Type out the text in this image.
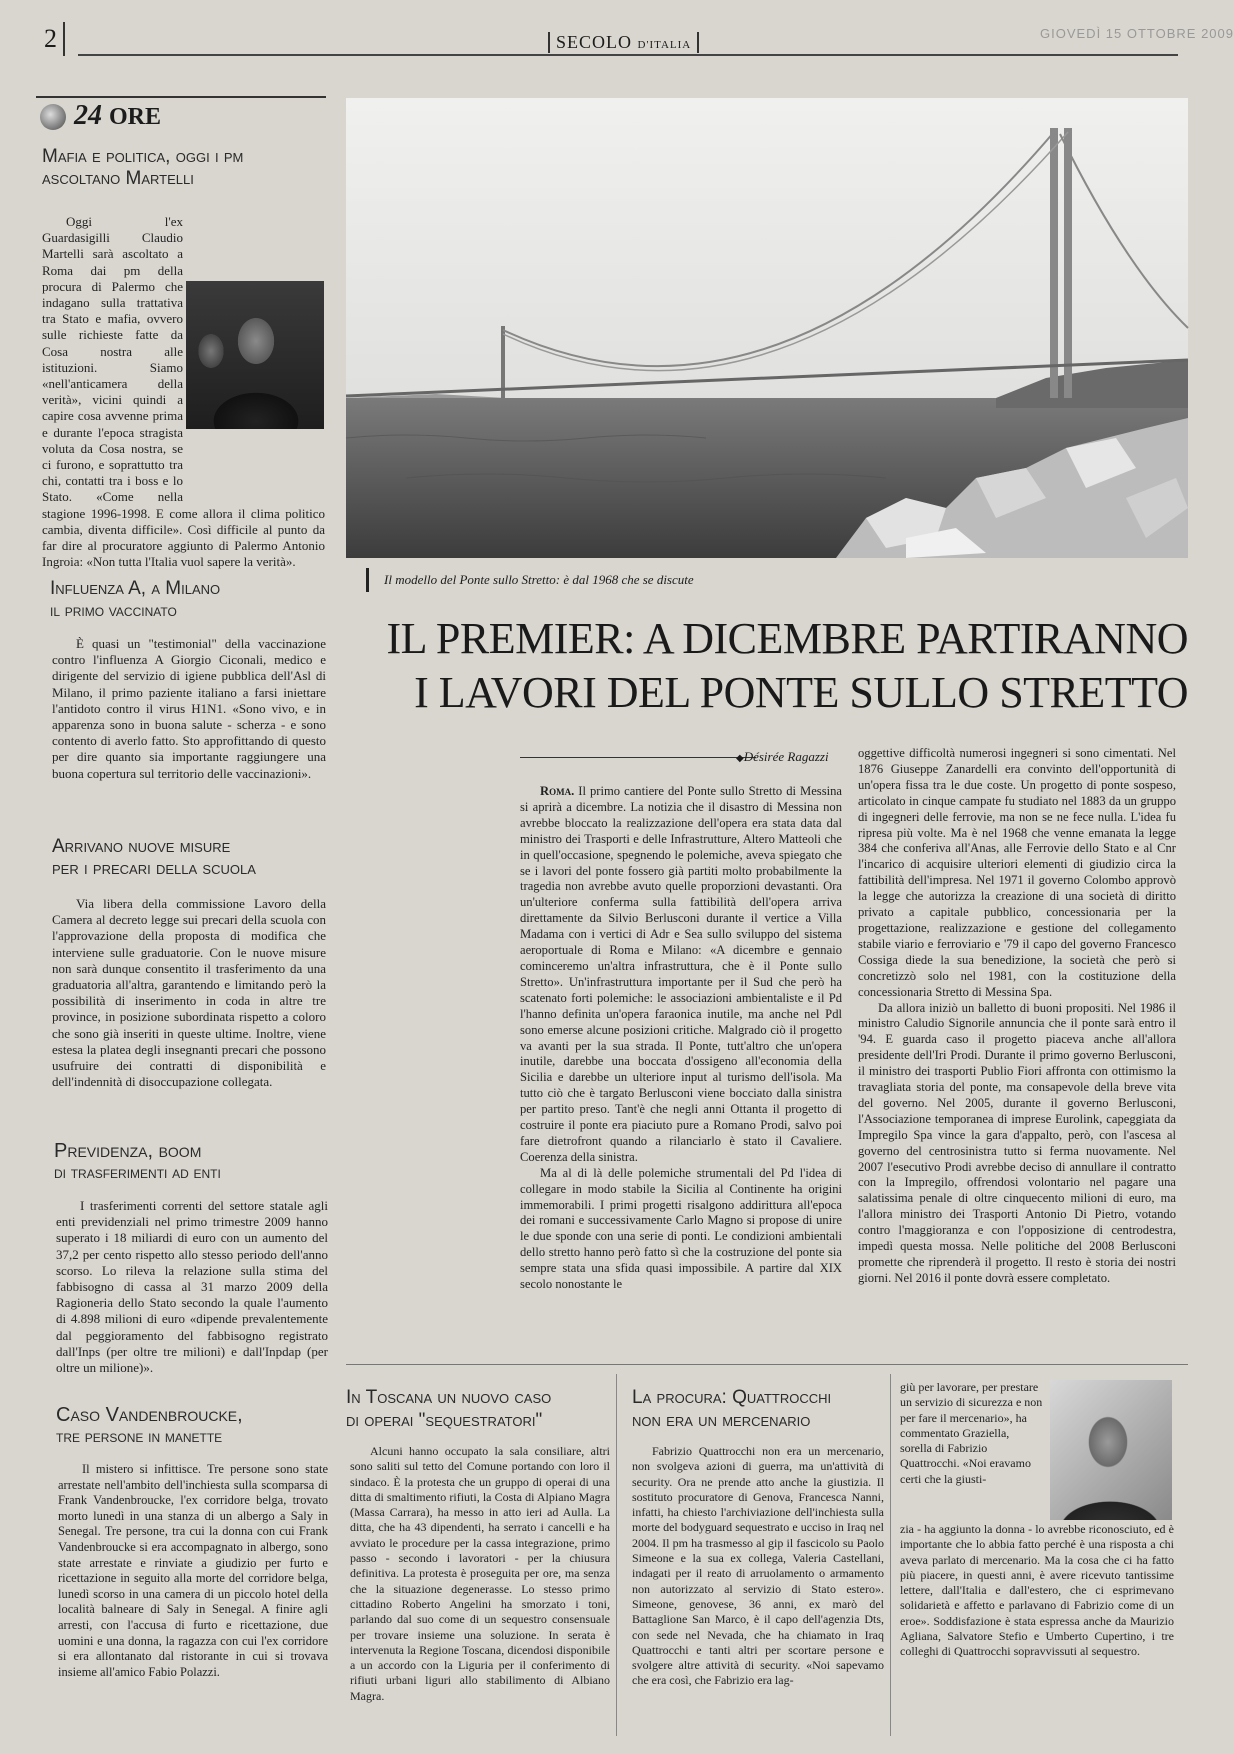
2	SECOLO D'ITALIA
GIOVEDÌ 15 OTTOBRE 2009
24 ORE
Mafia e politica, oggi i pm
ascoltano Martelli

Oggi l'ex Guardasigilli Claudio Martelli sarà ascoltato a Roma dai pm della procura di Palermo che indagano sulla trattativa tra Stato e mafia, ovvero sulle richieste fatte da Cosa nostra alle istituzioni. Siamo «nell'anticamera della verità», vicini quindi a capire cosa avvenne prima e durante l'epoca stragista voluta da Cosa nostra, se ci furono, e soprattutto tra chi, contatti tra i boss e lo Stato. «Come nella stagione 1996-1998. E come allora il clima politico cambia, diventa difficile». Così difficile al punto da far dire al procuratore aggiunto di Palermo Antonio Ingroia: «Non tutta l'Italia vuol sapere la verità».

Influenza A, a Milano
il primo vaccinato

È quasi un "testimonial" della vaccinazione contro l'influenza A Giorgio Ciconali, medico e dirigente del servizio di igiene pubblica dell'Asl di Milano, il primo paziente italiano a farsi iniettare l'antidoto contro il virus H1N1. «Sono vivo, e in apparenza sono in buona salute - scherza - e sono contento di averlo fatto. Sto approfittando di questo per dire quanto sia importante raggiungere una buona copertura sul territorio delle vaccinazioni».

Arrivano nuove misure
per i precari della scuola

Via libera della commissione Lavoro della Camera al decreto legge sui precari della scuola con l'approvazione della proposta di modifica che interviene sulle graduatorie. Con le nuove misure non sarà dunque consentito il trasferimento da una graduatoria all'altra, garantendo e limitando però la possibilità di inserimento in coda in altre tre province, in posizione subordinata rispetto a coloro che sono già inseriti in queste ultime. Inoltre, viene estesa la platea degli insegnanti precari che possono usufruire dei contratti di disponibilità e dell'indennità di disoccupazione collegata.

Previdenza, boom
di trasferimenti ad enti

I trasferimenti correnti del settore statale agli enti previdenziali nel primo trimestre 2009 hanno superato i 18 miliardi di euro con un aumento del 37,2 per cento rispetto allo stesso periodo dell'anno scorso. Lo rileva la relazione sulla stima del fabbisogno di cassa al 31 marzo 2009 della Ragioneria dello Stato secondo la quale l'aumento di 4.898 milioni di euro «dipende prevalentemente dal peggioramento del fabbisogno registrato dall'Inps (per oltre tre milioni) e dall'Inpdap (per oltre un milione)».

Caso Vandenbroucke,
tre persone in manette

Il mistero si infittisce. Tre persone sono state arrestate nell'ambito dell'inchiesta sulla scomparsa di Frank Vandenbroucke, l'ex corridore belga, trovato morto lunedì in una stanza di un albergo a Saly in Senegal. Tre persone, tra cui la donna con cui Frank Vandenbroucke si era accompagnato in albergo, sono state arrestate e rinviate a giudizio per furto e ricettazione in seguito alla morte del corridore belga, lunedì scorso in una camera di un piccolo hotel della località balneare di Saly in Senegal. A finire agli arresti, con l'accusa di furto e ricettazione, due uomini e una donna, la ragazza con cui l'ex corridore si era allontanato dal ristorante in cui si trovava insieme all'amico Fabio Polazzi.

Il modello del Ponte sullo Stretto: è dal 1968 che se discute
IL PREMIER: A DICEMBRE PARTIRANNO
I LAVORI DEL PONTE SULLO STRETTO
◆ Désirée Ragazzi

Roma. Il primo cantiere del Ponte sullo Stretto di Messina si aprirà a dicembre. La notizia che il disastro di Messina non avrebbe bloccato la realizzazione dell'opera era stata data dal ministro dei Trasporti e delle Infrastrutture, Altero Matteoli che in quell'occasione, spegnendo le polemiche, aveva spiegato che se i lavori del ponte fossero già partiti molto probabilmente la tragedia non avrebbe avuto quelle proporzioni devastanti. Ora un'ulteriore conferma sulla fattibilità dell'opera arriva direttamente da Silvio Berlusconi durante il vertice a Villa Madama con i vertici di Adr e Sea sullo sviluppo del sistema aeroportuale di Roma e Milano: «A dicembre e gennaio cominceremo un'altra infrastruttura, che è il Ponte sullo Stretto». Un'infrastruttura importante per il Sud che però ha scatenato forti polemiche: le associazioni ambientaliste e il Pd l'hanno definita un'opera faraonica inutile, ma anche nel Pdl sono emerse alcune posizioni critiche. Malgrado ciò il progetto va avanti per la sua strada. Il Ponte, tutt'altro che un'opera inutile, darebbe una boccata d'ossigeno all'economia della Sicilia e darebbe un ulteriore input al turismo dell'isola. Ma tutto ciò che è targato Berlusconi viene bocciato dalla sinistra per partito preso. Tant'è che negli anni Ottanta il progetto di costruire il ponte era piaciuto pure a Romano Prodi, salvo poi fare dietrofront quando a rilanciarlo è stato il Cavaliere. Coerenza della sinistra.

Ma al di là delle polemiche strumentali del Pd l'idea di collegare in modo stabile la Sicilia al Continente ha origini immemorabili. I primi progetti risalgono addirittura all'epoca dei romani e successivamente Carlo Magno si propose di unire le due sponde con una serie di ponti. Le condizioni ambientali dello stretto hanno però fatto sì che la costruzione del ponte sia sempre stata una sfida quasi impossibile. A partire dal XIX secolo nonostante le

oggettive difficoltà numerosi ingegneri si sono cimentati. Nel 1876 Giuseppe Zanardelli era convinto dell'opportunità di un'opera fissa tra le due coste. Un progetto di ponte sospeso, articolato in cinque campate fu studiato nel 1883 da un gruppo di ingegneri delle ferrovie, ma non se ne fece nulla. L'idea fu ripresa più volte. Ma è nel 1968 che venne emanata la legge 384 che conferiva all'Anas, alle Ferrovie dello Stato e al Cnr l'incarico di acquisire ulteriori elementi di giudizio circa la fattibilità dell'impresa. Nel 1971 il governo Colombo approvò la legge che autorizza la creazione di una società di diritto privato a capitale pubblico, concessionaria per la progettazione, realizzazione e gestione del collegamento stabile viario e ferroviario e '79 il capo del governo Francesco Cossiga diede la sua benedizione, la società che però si concretizzò solo nel 1981, con la costituzione della concessionaria Stretto di Messina Spa.

Da allora iniziò un balletto di buoni propositi. Nel 1986 il ministro Caludio Signorile annuncia che il ponte sarà entro il '94. E guarda caso il progetto piaceva anche all'allora presidente dell'Iri Prodi. Durante il primo governo Berlusconi, il ministro dei trasporti Publio Fiori affronta con ottimismo la travagliata storia del ponte, ma consapevole della breve vita del governo. Nel 2005, durante il governo Berlusconi, l'Associazione temporanea di imprese Eurolink, capeggiata da Impregilo Spa vince la gara d'appalto, però, con l'ascesa al governo del centrosinistra tutto si ferma nuovamente. Nel 2007 l'esecutivo Prodi avrebbe deciso di annullare il contratto con la Impregilo, offrendosi volontario nel pagare una salatissima penale di oltre cinquecento milioni di euro, ma l'allora ministro dei Trasporti Antonio Di Pietro, votando contro l'maggioranza e con l'opposizione di centrodestra, impedì questa mossa. Nelle politiche del 2008 Berlusconi promette che riprenderà il progetto. Il resto è storia dei nostri giorni. Nel 2016 il ponte dovrà essere completato.

In Toscana un nuovo caso
di operai "sequestratori"

Alcuni hanno occupato la sala consiliare, altri sono saliti sul tetto del Comune portando con loro il sindaco. È la protesta che un gruppo di operai di una ditta di smaltimento rifiuti, la Costa di Alpiano Magra (Massa Carrara), ha messo in atto ieri ad Aulla. La ditta, che ha 43 dipendenti, ha serrato i cancelli e ha avviato le procedure per la cassa integrazione, primo passo - secondo i lavoratori - per la chiusura definitiva. La protesta è proseguita per ore, ma senza che la situazione degenerasse. Lo stesso primo cittadino Roberto Angelini ha smorzato i toni, parlando dal suo come di un sequestro consensuale per trovare insieme una soluzione. In serata è intervenuta la Regione Toscana, dicendosi disponibile a un accordo con la Liguria per il conferimento di rifiuti urbani liguri allo stabilimento di Albiano Magra.

La procura: Quattrocchi
non era un mercenario

Fabrizio Quattrocchi non era un mercenario, non svolgeva azioni di guerra, ma un'attività di security. Ora ne prende atto anche la giustizia. Il sostituto procuratore di Genova, Francesca Nanni, infatti, ha chiesto l'archiviazione dell'inchiesta sulla morte del bodyguard sequestrato e ucciso in Iraq nel 2004. Il pm ha trasmesso al gip il fascicolo su Paolo Simeone e la sua ex collega, Valeria Castellani, indagati per il reato di arruolamento o armamento non autorizzato al servizio di Stato estero». Simeone, genovese, 36 anni, ex marò del Battaglione San Marco, è il capo dell'agenzia Dts, con sede nel Nevada, che ha chiamato in Iraq Quattrocchi e tanti altri per scortare persone e svolgere altre attività di security. «Noi sapevamo che era così, che Fabrizio era lag-

giù per lavorare, per prestare un servizio di sicurezza e non per fare il mercenario», ha commentato Graziella, sorella di Fabrizio Quattrocchi. «Noi eravamo certi che la giusti-

zia - ha aggiunto la donna - lo avrebbe riconosciuto, ed è importante che lo abbia fatto perché è una risposta a chi aveva parlato di mercenario. Ma la cosa che ci ha fatto più piacere, in questi anni, è avere ricevuto tantissime lettere, dall'Italia e dall'estero, che ci esprimevano solidarietà e affetto e parlavano di Fabrizio come di un eroe». Soddisfazione è stata espressa anche da Maurizio Agliana, Salvatore Stefio e Umberto Cupertino, i tre colleghi di Quattrocchi sopravvissuti al sequestro.
